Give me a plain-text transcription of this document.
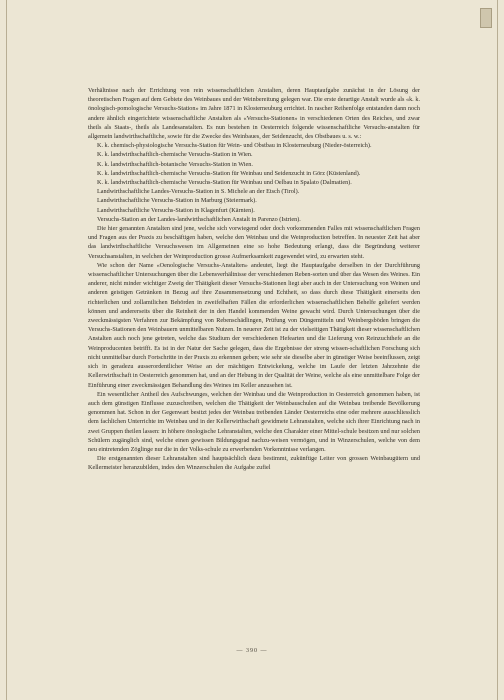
Verhältnisse nach der Errichtung von rein wissenschaftlichen Anstalten, deren Hauptaufgabe zunächst in der Lösung der theoretischen Fragen auf dem Gebiete des Weinbaues und der Weinbereitung gelegen war. Die erste derartige Anstalt wurde als «k. k. önologisch-pomologische Versuchs-Station» im Jahre 1871 in Klosterneuburg errichtet. In rascher Reihenfolge entstanden dann noch andere ähnlich eingerichtete wissenschaftliche Anstalten als «Versuchs-Stationen» in verschiedenen Orten des Reiches, und zwar theils als Staats-, theils als Landesanstalten. Es nun bestehen in Oesterreich folgende wissenschaftliche Versuchs-anstalten für allgemein landwirthschaftliche, sowie für die Zwecke des Weinbaues, der Seidenzucht, des Obstbaues u. s. w.:

K. k. chemisch-physiologische Versuchs-Station für Wein- und Obstbau in Klosterneuburg (Nieder-österreich).

K. k. landwirthschaftlich-chemische Versuchs-Station in Wien.

K. k. landwirthschaftlich-botanische Versuchs-Station in Wien.

K. k. landwirthschaftlich-chemische Versuchs-Station für Weinbau und Seidenzucht in Görz (Küstenland).

K. k. landwirthschaftlich-chemische Versuchs-Station für Weinbau und Oelbau in Spalato (Dalmatien).

Landwirthschaftliche Landes-Versuchs-Station in S. Michele an der Etsch (Tirol).

Landwirthschaftliche Versuchs-Station in Marburg (Steiermark).

Landwirthschaftliche Versuchs-Station in Klagenfurt (Kärnten).

Versuchs-Station an der Landes-landwirthschaftlichen Anstalt in Parenzo (Istrien).

Die hier genannten Anstalten sind jene, welche sich vorwiegend oder doch vorkommenden Falles mit wissenschaftlichen Fragen und Fragen aus der Praxis zu beschäftigen haben, welche den Weinbau und die Weinproduction betreffen. In neuester Zeit hat aber das landwirthschaftliche Versuchswesen im Allgemeinen eine so hohe Bedeutung erlangt, dass die Begründung weiterer Versuchsanstalten, in welchen der Weinproduction grosse Aufmerksamkeit zugewendet wird, zu erwarten steht.

Wie schon der Name «Oenologische Versuchs-Anstalten» andeutet, liegt die Hauptaufgabe derselben in der Durchführung wissenschaftlicher Untersuchungen über die Lebensverhältnisse der verschiedenen Reben-sorten und über das Wesen des Weines. Ein anderer, nicht minder wichtiger Zweig der Thätigkeit dieser Versuchs-Stationen liegt aber auch in der Untersuchung von Weinen und anderen geistigen Getränken in Bezug auf ihre Zusammensetzung und Echtheit, so dass durch diese Thätigkeit einerseits den richterlichen und zollamtlichen Behörden in zweifelhaften Fällen die erforderlichen wissenschaftlichen Behelfe geliefert werden können und andererseits über die Reinheit der in den Handel kommenden Weine gewacht wird. Durch Untersuchungen über die zweckmässigsten Verfahren zur Bekämpfung von Rebenschädlingen, Prüfung von Düngemitteln und Weinbergsböden bringen die Versuchs-Stationen den Weinbauern unmittelbaren Nutzen. In neuerer Zeit ist zu der vielseitigen Thätigkeit dieser wissenschaftlichen Anstalten auch noch jene getreten, welche das Studium der verschiedenen Hefearten und die Lieferung von Reinzuchthefe an die Weinproducenten betrifft. Es ist in der Natur der Sache gelegen, dass die Ergebnisse der streng wissen-schaftlichen Forschung sich nicht unmittelbar durch Fortschritte in der Praxis zu erkennen geben; wie sehr sie dieselbe aber in günstiger Weise beeinflussen, zeigt sich in geradezu ausserordentlicher Weise an der mächtigen Entwickelung, welche im Laufe der letzten Jahrzehnte die Kellerwirthschaft in Oesterreich genommen hat, und an der Hebung in der Qualität der Weine, welche als eine unmittelbare Folge der Einführung einer zweckmässigen Behandlung des Weines im Keller anzusehen ist.

Ein wesentlicher Antheil des Aufschwunges, welchen der Weinbau und die Weinproduction in Oesterreich genommen haben, ist auch dem günstigen Einflusse zuzuschreiben, welchen die Thätigkeit der Weinbauschulen auf die Weinbau treibende Bevölkerung genommen hat. Schon in der Gegenwart besitzt jedes der Weinbau treibenden Länder Oesterreichs eine oder mehrere ausschliesslich dem fachlichen Unterrichte im Weinbau und in der Kellerwirthschaft gewidmete Lehranstalten, welche sich ihrer Einrichtung nach in zwei Gruppen theilen lassen: in höhere önologische Lehranstalten, welche den Charakter einer Mittel-schule besitzen und nur solchen Schülern zugänglich sind, welche einen gewissen Bildungsgrad nachzu-weisen vermögen, und in Winzerschulen, welche von dem neu eintretenden Zöglinge nur die in der Volks-schule zu erwerbenden Vorkenntnisse verlangen.

Die erstgenannten dieser Lehranstalten sind hauptsächlich dazu bestimmt, zukünftige Leiter von grossen Weinbaugütern und Kellermeister heranzubilden, indes den Winzerschulen die Aufgabe zufiel

— 390 —
